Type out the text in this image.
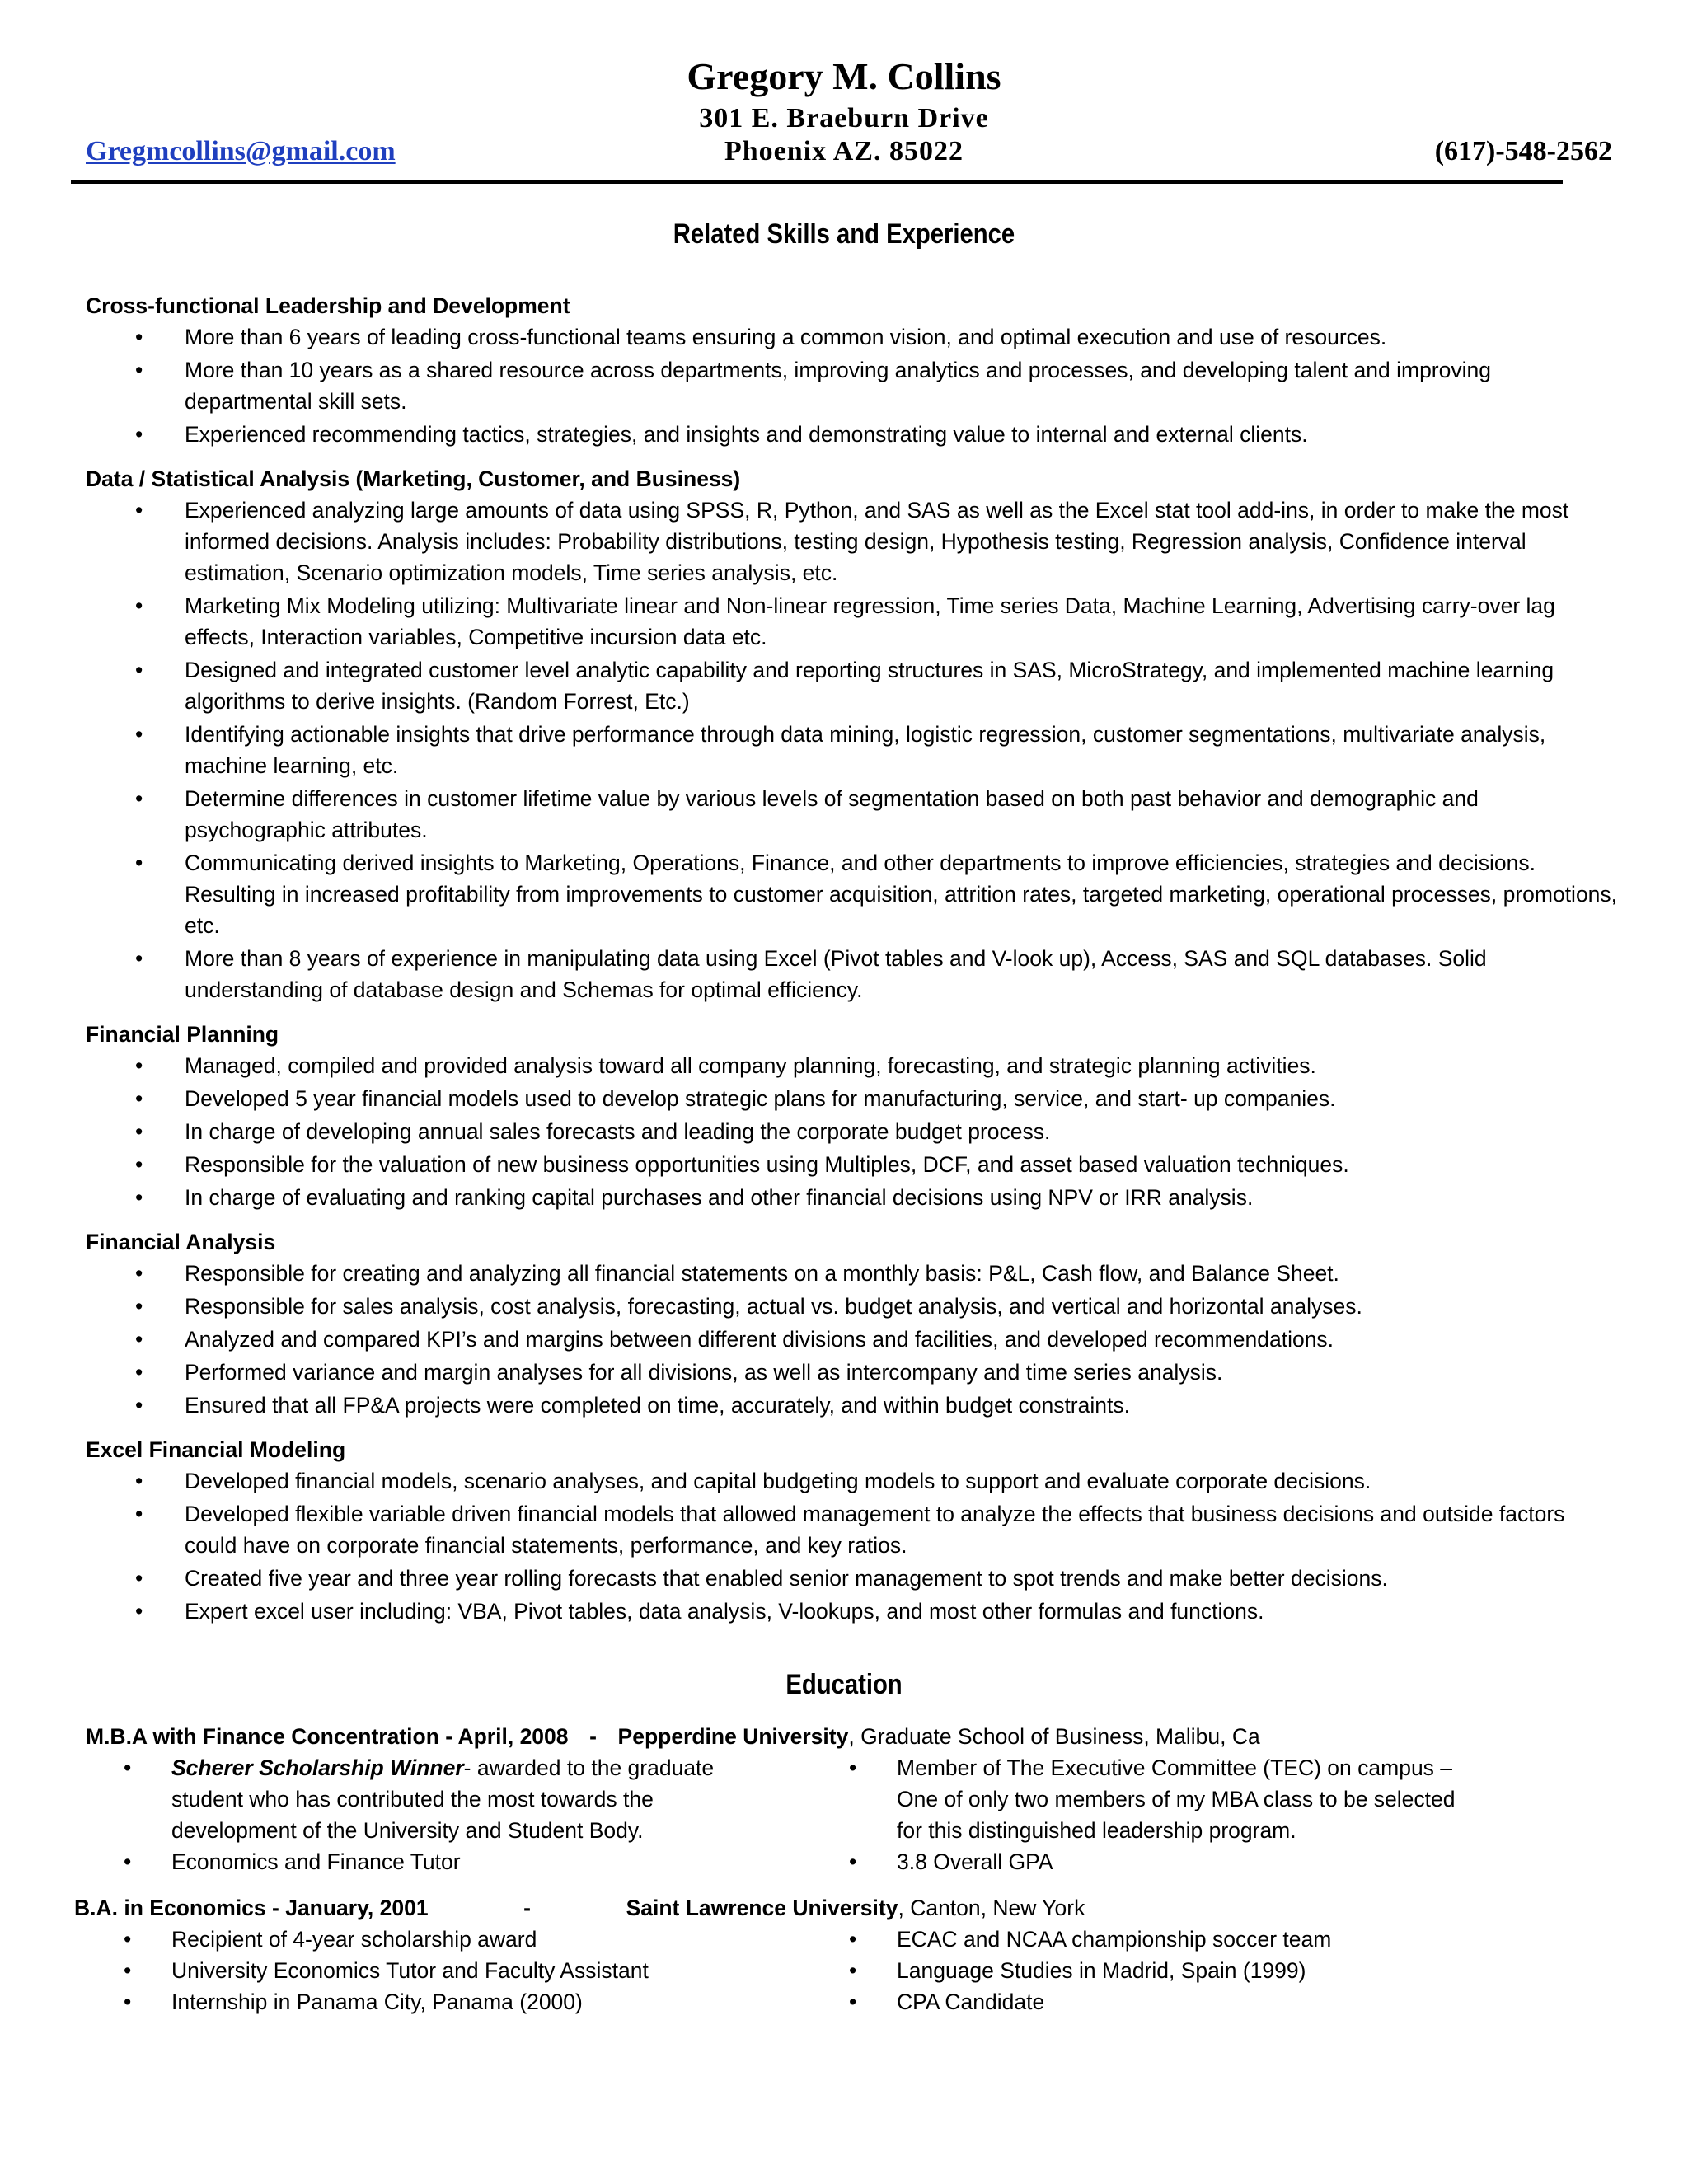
Gregory M. Collins
301 E. Braeburn Drive
Phoenix AZ. 85022
Gregmcollins@gmail.com	(617)-548-2562
Related Skills and Experience
Cross-functional Leadership and Development
• More than 6 years of leading cross-functional teams ensuring a common vision, and optimal execution and use of resources.
• More than 10 years as a shared resource across departments, improving analytics and processes, and developing talent and improving departmental skill sets.
• Experienced recommending tactics, strategies, and insights and demonstrating value to internal and external clients.
Data / Statistical Analysis (Marketing, Customer, and Business)
• Experienced analyzing large amounts of data using SPSS, R, Python, and SAS as well as the Excel stat tool add-ins, in order to make the most informed decisions. Analysis includes: Probability distributions, testing design, Hypothesis testing, Regression analysis, Confidence interval estimation, Scenario optimization models, Time series analysis, etc.
• Marketing Mix Modeling utilizing: Multivariate linear and Non-linear regression, Time series Data, Machine Learning, Advertising carry-over lag effects, Interaction variables, Competitive incursion data etc.
• Designed and integrated customer level analytic capability and reporting structures in SAS, MicroStrategy, and implemented machine learning algorithms to derive insights. (Random Forrest, Etc.)
• Identifying actionable insights that drive performance through data mining, logistic regression, customer segmentations, multivariate analysis, machine learning, etc.
• Determine differences in customer lifetime value by various levels of segmentation based on both past behavior and demographic and psychographic attributes.
• Communicating derived insights to Marketing, Operations, Finance, and other departments to improve efficiencies, strategies and decisions. Resulting in increased profitability from improvements to customer acquisition, attrition rates, targeted marketing, operational processes, promotions, etc.
• More than 8 years of experience in manipulating data using Excel (Pivot tables and V-look up), Access, SAS and SQL databases. Solid understanding of database design and Schemas for optimal efficiency.
Financial Planning
• Managed, compiled and provided analysis toward all company planning, forecasting, and strategic planning activities.
• Developed 5 year financial models used to develop strategic plans for manufacturing, service, and start- up companies.
• In charge of developing annual sales forecasts and leading the corporate budget process.
• Responsible for the valuation of new business opportunities using Multiples, DCF, and asset based valuation techniques.
• In charge of evaluating and ranking capital purchases and other financial decisions using NPV or IRR analysis.
Financial Analysis
• Responsible for creating and analyzing all financial statements on a monthly basis: P&L, Cash flow, and Balance Sheet.
• Responsible for sales analysis, cost analysis, forecasting, actual vs. budget analysis, and vertical and horizontal analyses.
• Analyzed and compared KPI’s and margins between different divisions and facilities, and developed recommendations.
• Performed variance and margin analyses for all divisions, as well as intercompany and time series analysis.
• Ensured that all FP&A projects were completed on time, accurately, and within budget constraints.
Excel Financial Modeling
• Developed financial models, scenario analyses, and capital budgeting models to support and evaluate corporate decisions.
• Developed flexible variable driven financial models that allowed management to analyze the effects that business decisions and outside factors could have on corporate financial statements, performance, and key ratios.
• Created five year and three year rolling forecasts that enabled senior management to spot trends and make better decisions.
• Expert excel user including: VBA, Pivot tables, data analysis, V-lookups, and most other formulas and functions.
Education
M.B.A with Finance Concentration - April, 2008 - Pepperdine University, Graduate School of Business, Malibu, Ca
• Scherer Scholarship Winner- awarded to the graduate student who has contributed the most towards the development of the University and Student Body.
• Economics and Finance Tutor
• Member of The Executive Committee (TEC) on campus – One of only two members of my MBA class to be selected for this distinguished leadership program.
• 3.8 Overall GPA
B.A. in Economics - January, 2001	-	Saint Lawrence University, Canton, New York
• Recipient of 4-year scholarship award
• University Economics Tutor and Faculty Assistant
• Internship in Panama City, Panama (2000)
• ECAC and NCAA championship soccer team
• Language Studies in Madrid, Spain (1999)
• CPA Candidate
